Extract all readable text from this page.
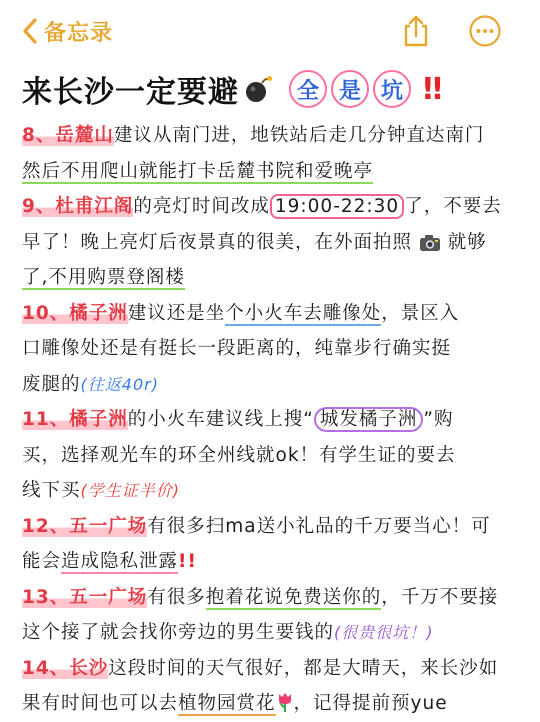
备忘录
来长沙一定要避	全 是 坑 !!
8、岳麓山建议从南门进，地铁站后走几分钟直达南门
然后不用爬山就能打卡岳麓书院和爱晚亭
9、杜甫江阁的亮灯时间改成 19:00-22:30 了，不要去
早了！晚上亮灯后夜景真的很美，在外面拍照 就够
了,不用购票登阁楼
10、橘子洲建议还是坐个小火车去雕像处，景区入
口雕像处还是有挺长一段距离的，纯靠步行确实挺
废腿的(往返40r)
11、橘子洲的小火车建议线上搜“ 城发橘子洲 ”购
买，选择观光车的环全州线就ok！有学生证的要去
线下买(学生证半价)
12、五一广场有很多扫ma送小礼品的千万要当心！可
能会造成隐私泄露!!
13、五一广场有很多抱着花说免费送你的，千万不要接
这个接了就会找你旁边的男生要钱的(很贵很坑！)
14、长沙这段时间的天气很好，都是大晴天，来长沙如
果有时间也可以去植物园赏花 ，记得提前预yue
